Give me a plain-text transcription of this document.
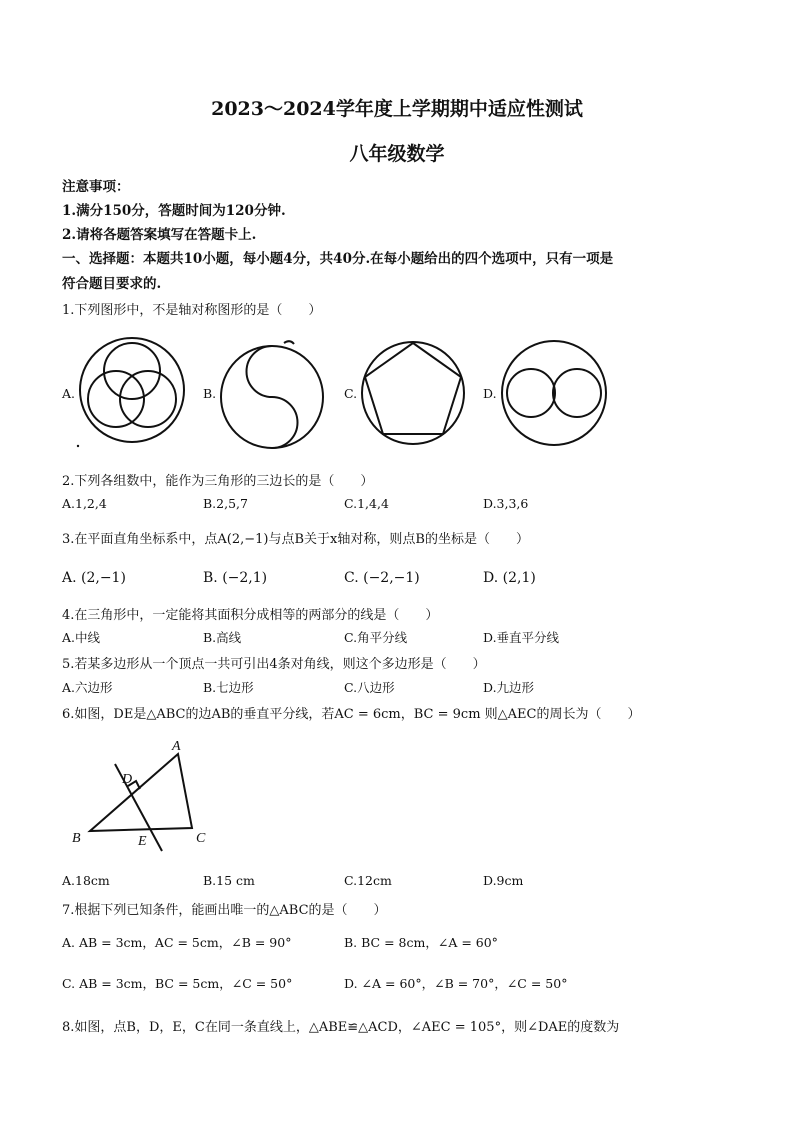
2023～2024学年度上学期期中适应性测试
八年级数学
注意事项：
1.满分150分，答题时间为120分钟.
2.请将各题答案填写在答题卡上.
一、选择题：本题共10小题，每小题4分，共40分.在每小题给出的四个选项中，只有一项是
符合题目要求的.
1.下列图形中，不是轴对称图形的是（　　）
A.	B.	C.	D.
2.下列各组数中，能作为三角形的三边长的是（　　）
A.1,2,4	B.2,5,7	C.1,4,4	D.3,3,6
3.在平面直角坐标系中，点A(2,−1)与点B关于x轴对称，则点B的坐标是（　　）
A. (2,−1)	B. (−2,1)	C. (−2,−1)	D. (2,1)
4.在三角形中，一定能将其面积分成相等的两部分的线是（　　）
A.中线	B.高线	C.角平分线	D.垂直平分线
5.若某多边形从一个顶点一共可引出4条对角线，则这个多边形是（　　）
A.六边形	B.七边形	C.八边形	D.九边形
6.如图，DE是△ABC的边AB的垂直平分线，若AC = 6cm，BC = 9cm 则△AEC的周长为（　　）
A
D
B	E	C
A.18cm	B.15 cm	C.12cm	D.9cm
7.根据下列已知条件，能画出唯一的△ABC的是（　　）
A. AB = 3cm，AC = 5cm，∠B = 90°	B. BC = 8cm，∠A = 60°
C. AB = 3cm，BC = 5cm，∠C = 50°	D. ∠A = 60°，∠B = 70°，∠C = 50°
8.如图，点B，D，E，C在同一条直线上，△ABE≌△ACD，∠AEC = 105°，则∠DAE的度数为
